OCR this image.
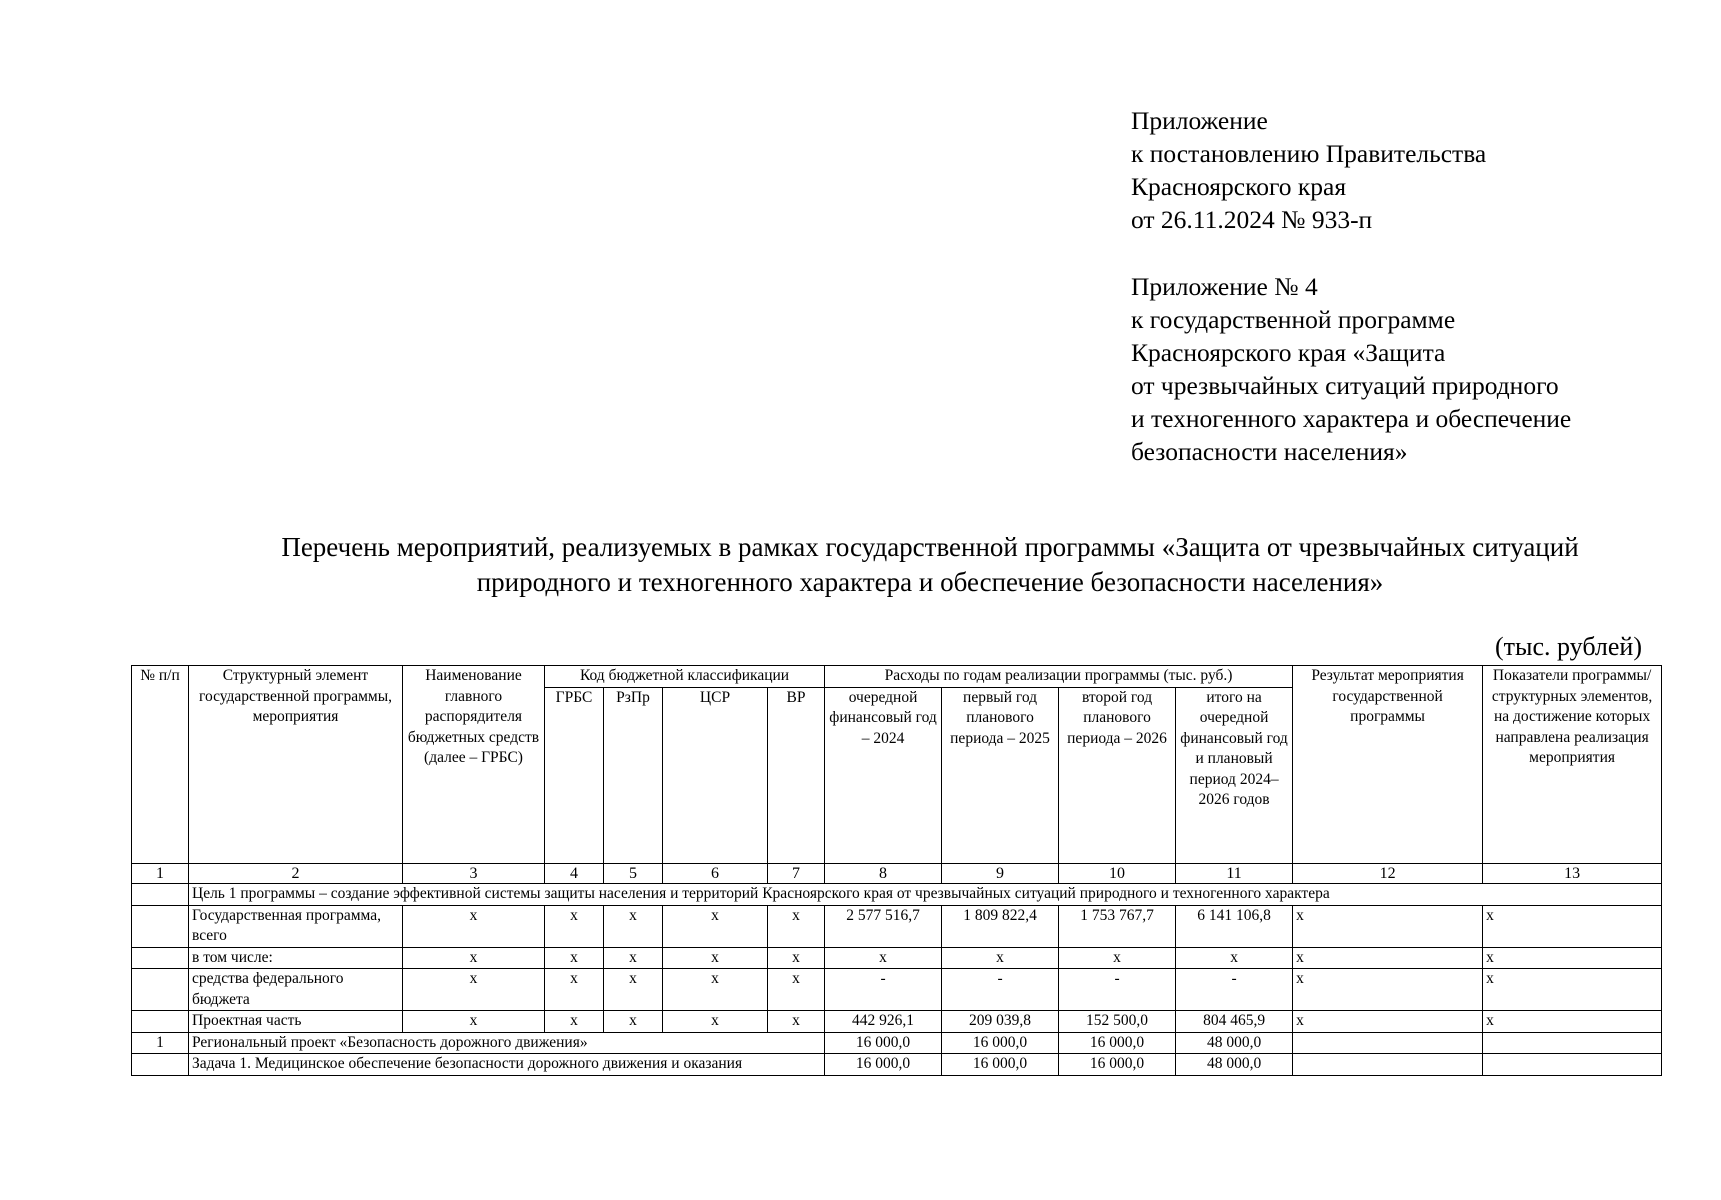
Приложение
к постановлению Правительства
Красноярского края
от 26.11.2024 № 933-п
Приложение № 4
к государственной программе
Красноярского края «Защита
от чрезвычайных ситуаций природного
и техногенного характера и обеспечение
безопасности населения»
Перечень мероприятий, реализуемых в рамках государственной программы «Защита от чрезвычайных ситуаций
природного и техногенного характера и обеспечение безопасности населения»
(тыс. рублей)
№ п/п	Структурный элемент государственной программы, мероприятия	Наименование главного распорядителя бюджетных средств (далее – ГРБС)	Код бюджетной классификации				Расходы по годам реализации программы (тыс. руб.)				Результат мероприятия государственной программы	Показатели программы/ структурных элементов, на достижение которых направлена реализация мероприятия
			ГРБС	РзПр	ЦСР	ВР	очередной финансовый год – 2024	первый год планового периода – 2025	второй год планового периода – 2026	итого на очередной финансовый год и плановый период 2024–2026 годов		
1	2	3	4	5	6	7	8	9	10	11	12	13
	Цель 1 программы – создание эффективной системы защиты населения и территорий Красноярского края от чрезвычайных ситуаций природного и техногенного характера											
	Государственная программа, всего	х	х	х	х	х	2 577 516,7	1 809 822,4	1 753 767,7	6 141 106,8	х	х
	в том числе:	х	х	х	х	х	х	х	х	х	х	х
	средства федерального бюджета	х	х	х	х	х	-	-	-	-	х	х
	Проектная часть	х	х	х	х	х	442 926,1	209 039,8	152 500,0	804 465,9	х	х
1	Региональный проект «Безопасность дорожного движения»						16 000,0	16 000,0	16 000,0	48 000,0		
	Задача 1. Медицинское обеспечение безопасности дорожного движения и оказания						16 000,0	16 000,0	16 000,0	48 000,0		
